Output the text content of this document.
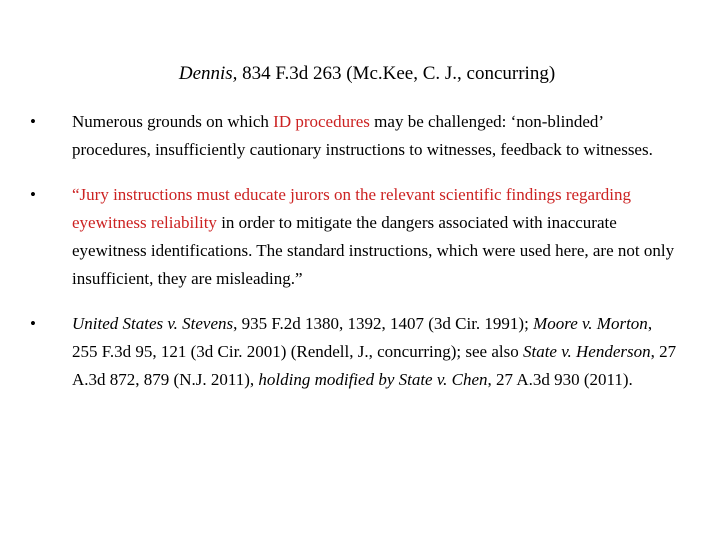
Dennis, 834 F.3d 263 (Mc.Kee, C. J., concurring)
•	Numerous grounds on which ID procedures may be challenged: ‘non-blinded’ procedures, insufficiently cautionary instructions to witnesses, feedback to witnesses.
•	“Jury instructions must educate jurors on the relevant scientific findings regarding eyewitness reliability in order to mitigate the dangers associated with inaccurate eyewitness identifications. The standard instructions, which were used here, are not only insufficient, they are misleading.”
•	United States v. Stevens, 935 F.2d 1380, 1392, 1407 (3d Cir. 1991); Moore v. Morton, 255 F.3d 95, 121 (3d Cir. 2001) (Rendell, J., concurring); see also State v. Henderson, 27 A.3d 872, 879 (N.J. 2011), holding modified by State v. Chen, 27 A.3d 930 (2011).
